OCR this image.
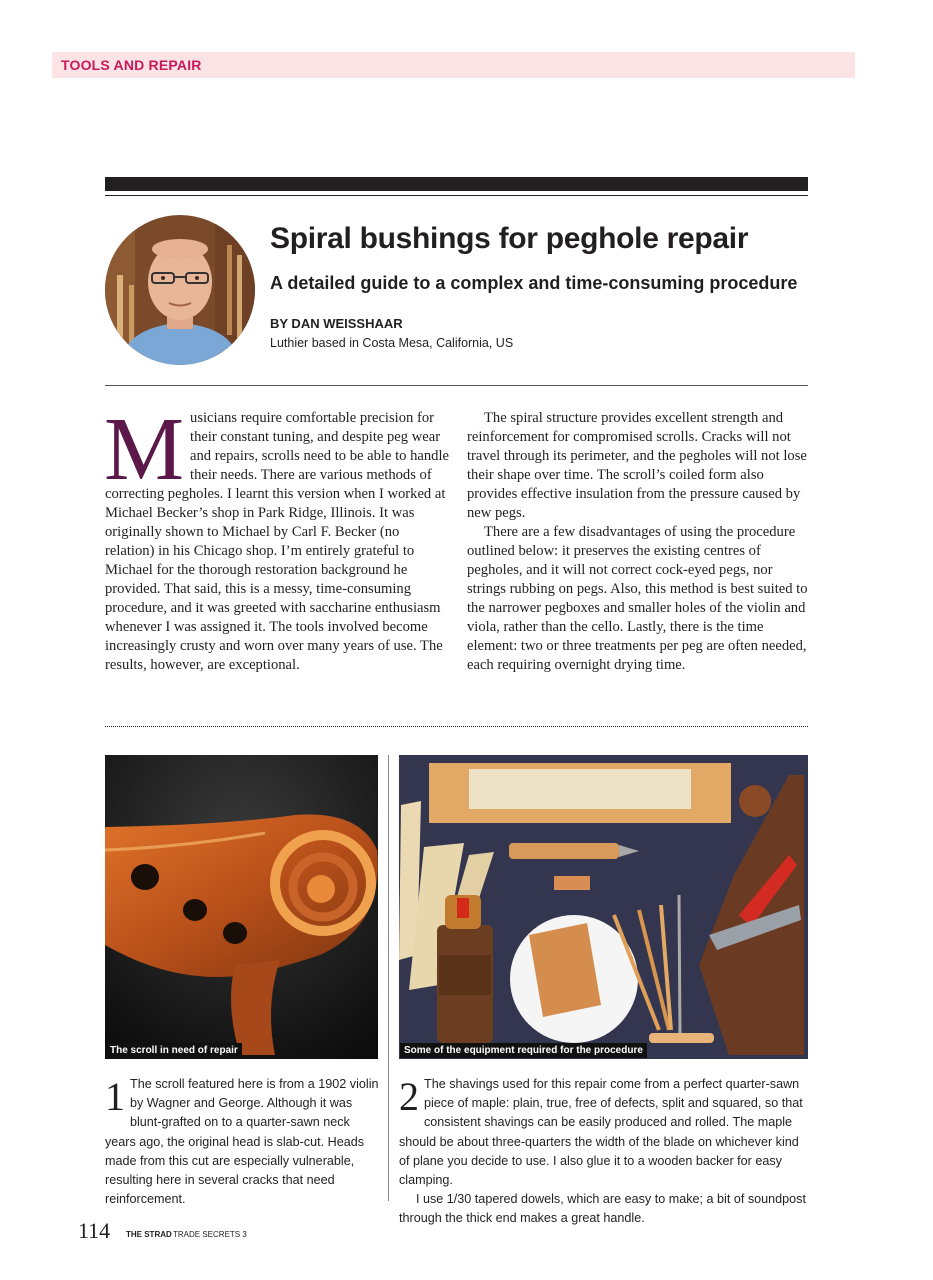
TOOLS AND REPAIR
Spiral bushings for peghole repair
A detailed guide to a complex and time-consuming procedure
BY DAN WEISSHAAR
Luthier based in Costa Mesa, California, US
M usicians require comfortable precision for their constant tuning, and despite peg wear and repairs, scrolls need to be able to handle their needs. There are various methods of correcting pegholes. I learnt this version when I worked at Michael Becker’s shop in Park Ridge, Illinois. It was originally shown to Michael by Carl F. Becker (no relation) in his Chicago shop. I’m entirely grateful to Michael for the thorough restoration background he provided. That said, this is a messy, time-consuming procedure, and it was greeted with saccharine enthusiasm whenever I was assigned it. The tools involved become increasingly crusty and worn over many years of use. The results, however, are exceptional.

The spiral structure provides excellent strength and reinforcement for compromised scrolls. Cracks will not travel through its perimeter, and the pegholes will not lose their shape over time. The scroll’s coiled form also provides effective insulation from the pressure caused by new pegs.

There are a few disadvantages of using the procedure outlined below: it preserves the existing centres of pegholes, and it will not correct cock-eyed pegs, nor strings rubbing on pegs. Also, this method is best suited to the narrower pegboxes and smaller holes of the violin and viola, rather than the cello. Lastly, there is the time element: two or three treatments per peg are often needed, each requiring overnight drying time.

The scroll in need of repair	Some of the equipment required for the procedure
1 The scroll featured here is from a 1902 violin by Wagner and George. Although it was blunt-grafted on to a quarter-sawn neck years ago, the original head is slab-cut. Heads made from this cut are especially vulnerable, resulting here in several cracks that need reinforcement.

2 The shavings used for this repair come from a perfect quarter-sawn piece of maple: plain, true, free of defects, split and squared, so that consistent shavings can be easily produced and rolled. The maple should be about three-quarters the width of the blade on whichever kind of plane you decide to use. I also glue it to a wooden backer for easy clamping.

I use 1/30 tapered dowels, which are easy to make; a bit of soundpost through the thick end makes a great handle.

114 THE STRAD TRADE SECRETS 3
